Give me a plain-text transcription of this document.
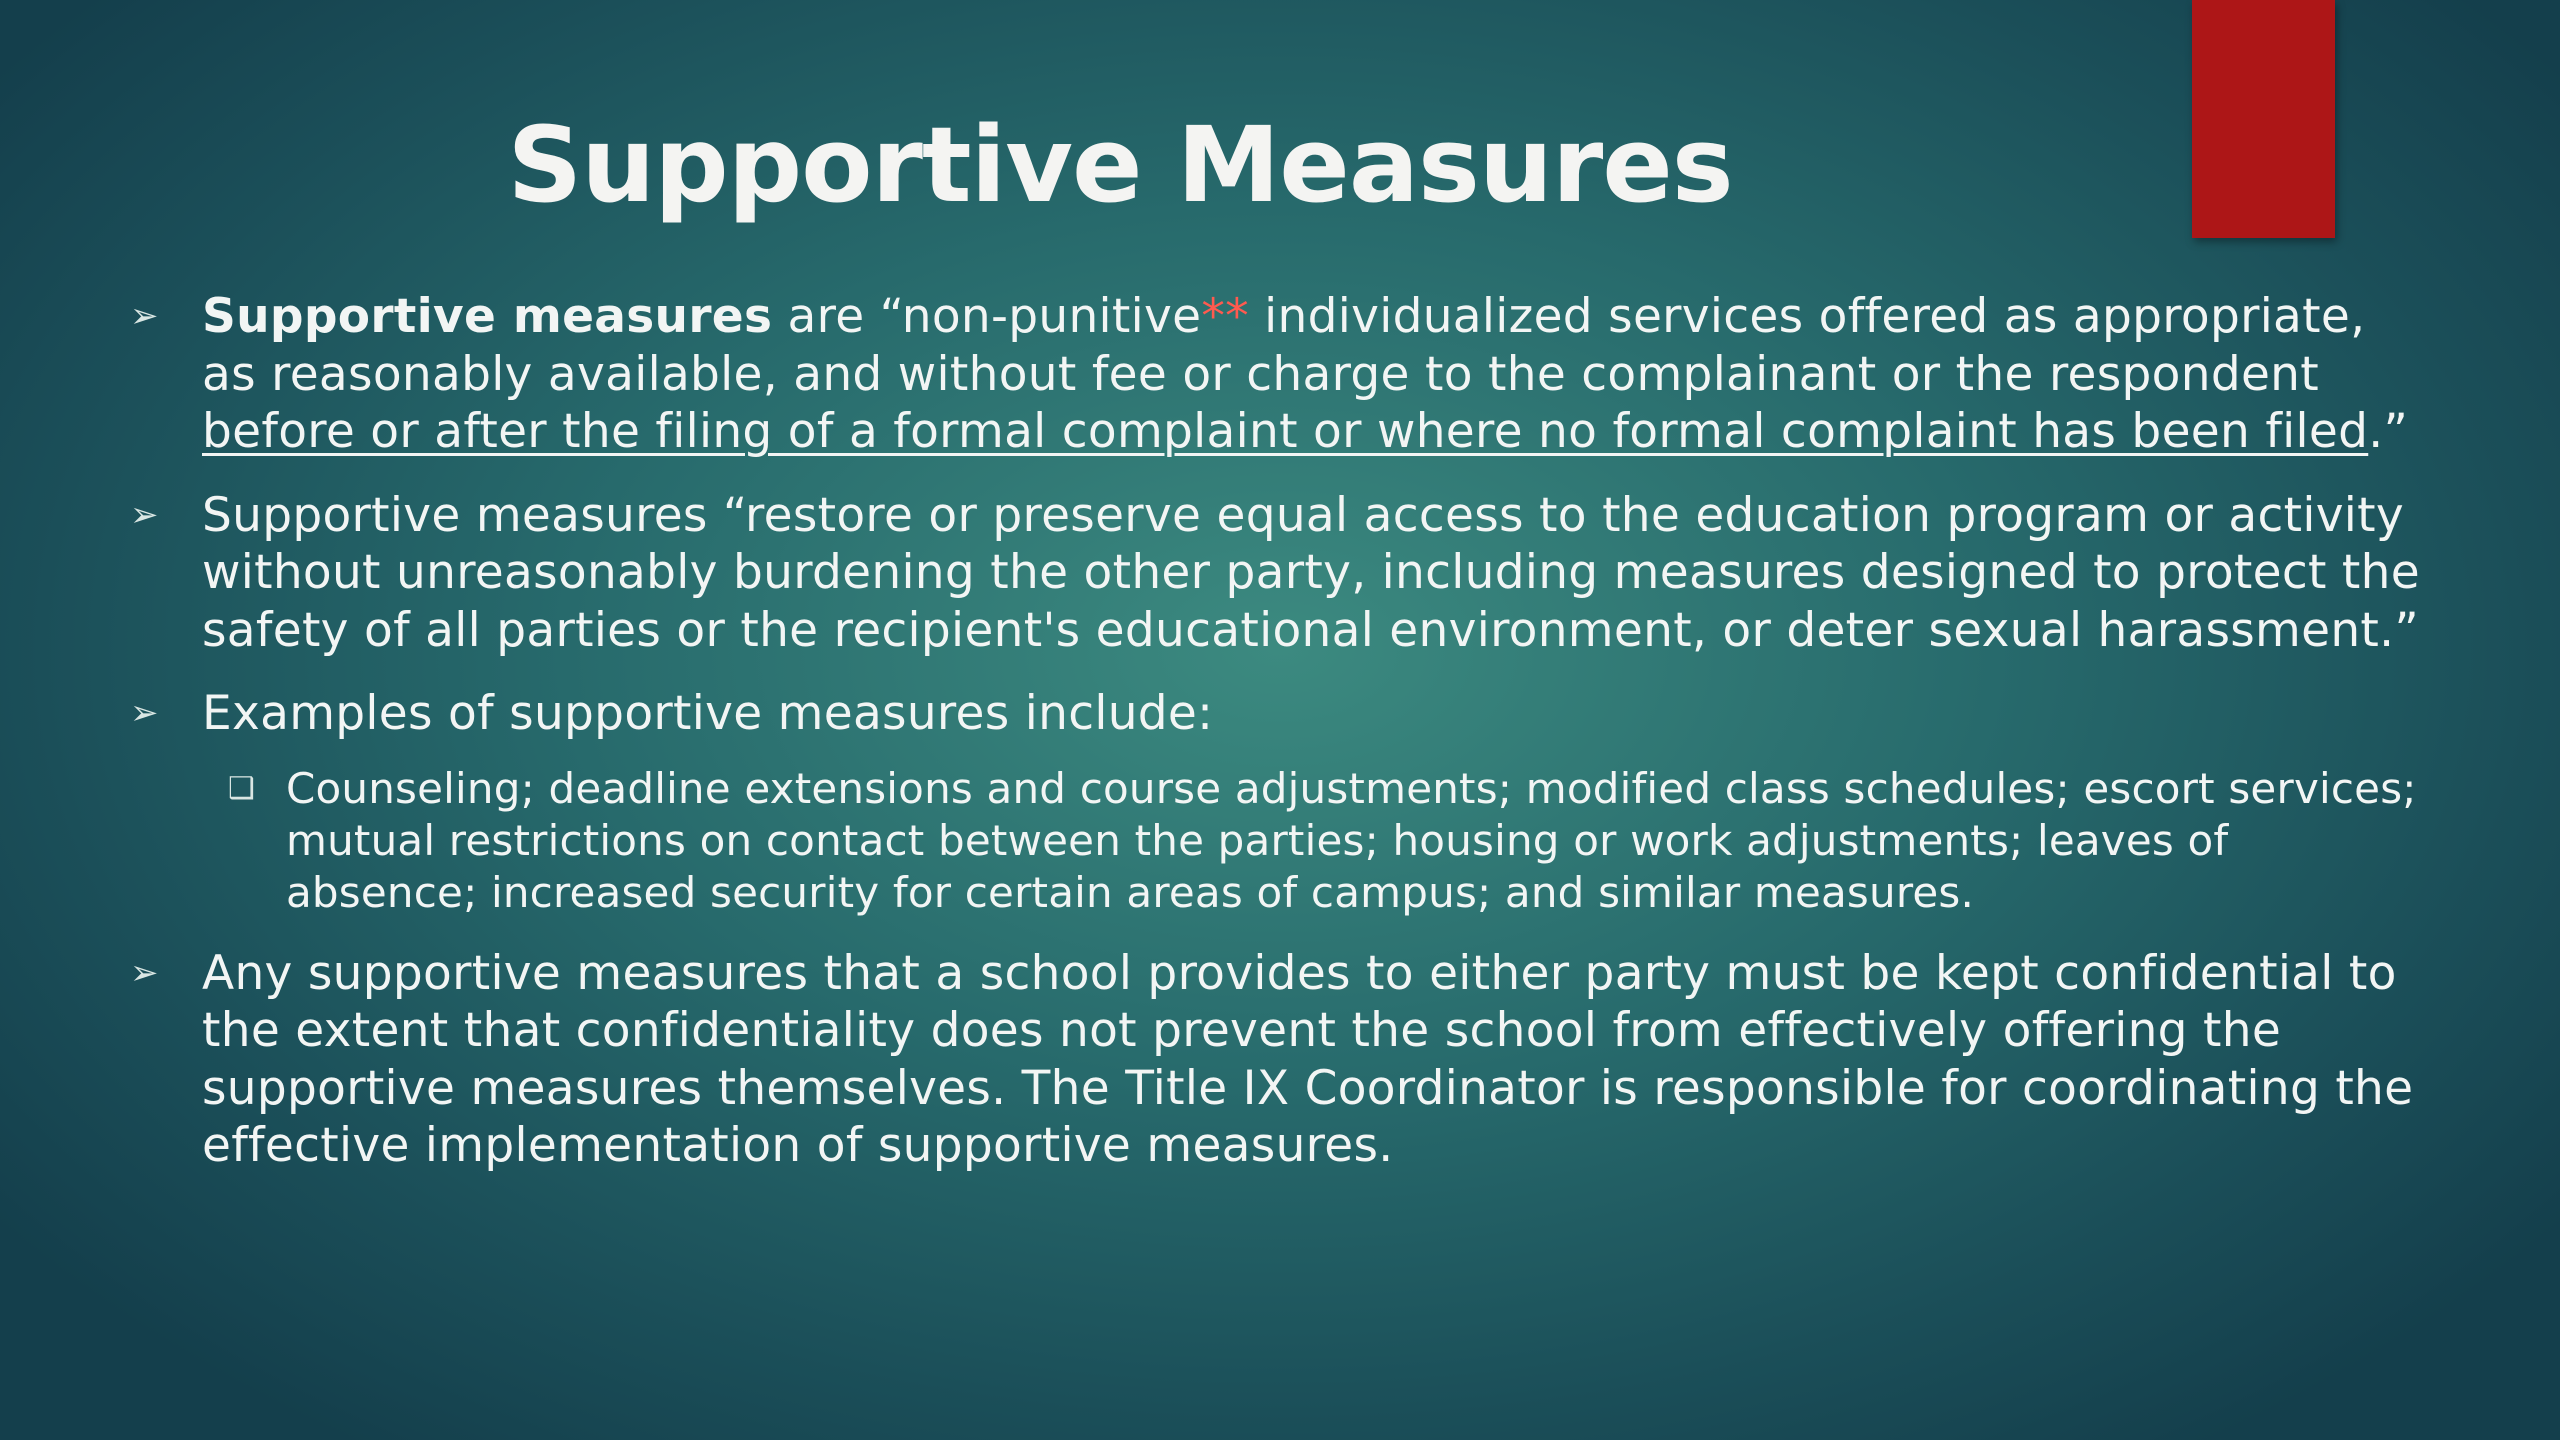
Supportive Measures
➢ Supportive measures are “non-punitive** individualized services offered as appropriate, as reasonably available, and without fee or charge to the complainant or the respondent before or after the filing of a formal complaint or where no formal complaint has been filed.”
➢ Supportive measures “restore or preserve equal access to the education program or activity without unreasonably burdening the other party, including measures designed to protect the safety of all parties or the recipient's educational environment, or deter sexual harassment.”
➢ Examples of supportive measures include:
❑ Counseling; deadline extensions and course adjustments; modified class schedules; escort services; mutual restrictions on contact between the parties; housing or work adjustments; leaves of absence; increased security for certain areas of campus; and similar measures.
➢ Any supportive measures that a school provides to either party must be kept confidential to the extent that confidentiality does not prevent the school from effectively offering the supportive measures themselves. The Title IX Coordinator is responsible for coordinating the effective implementation of supportive measures.
